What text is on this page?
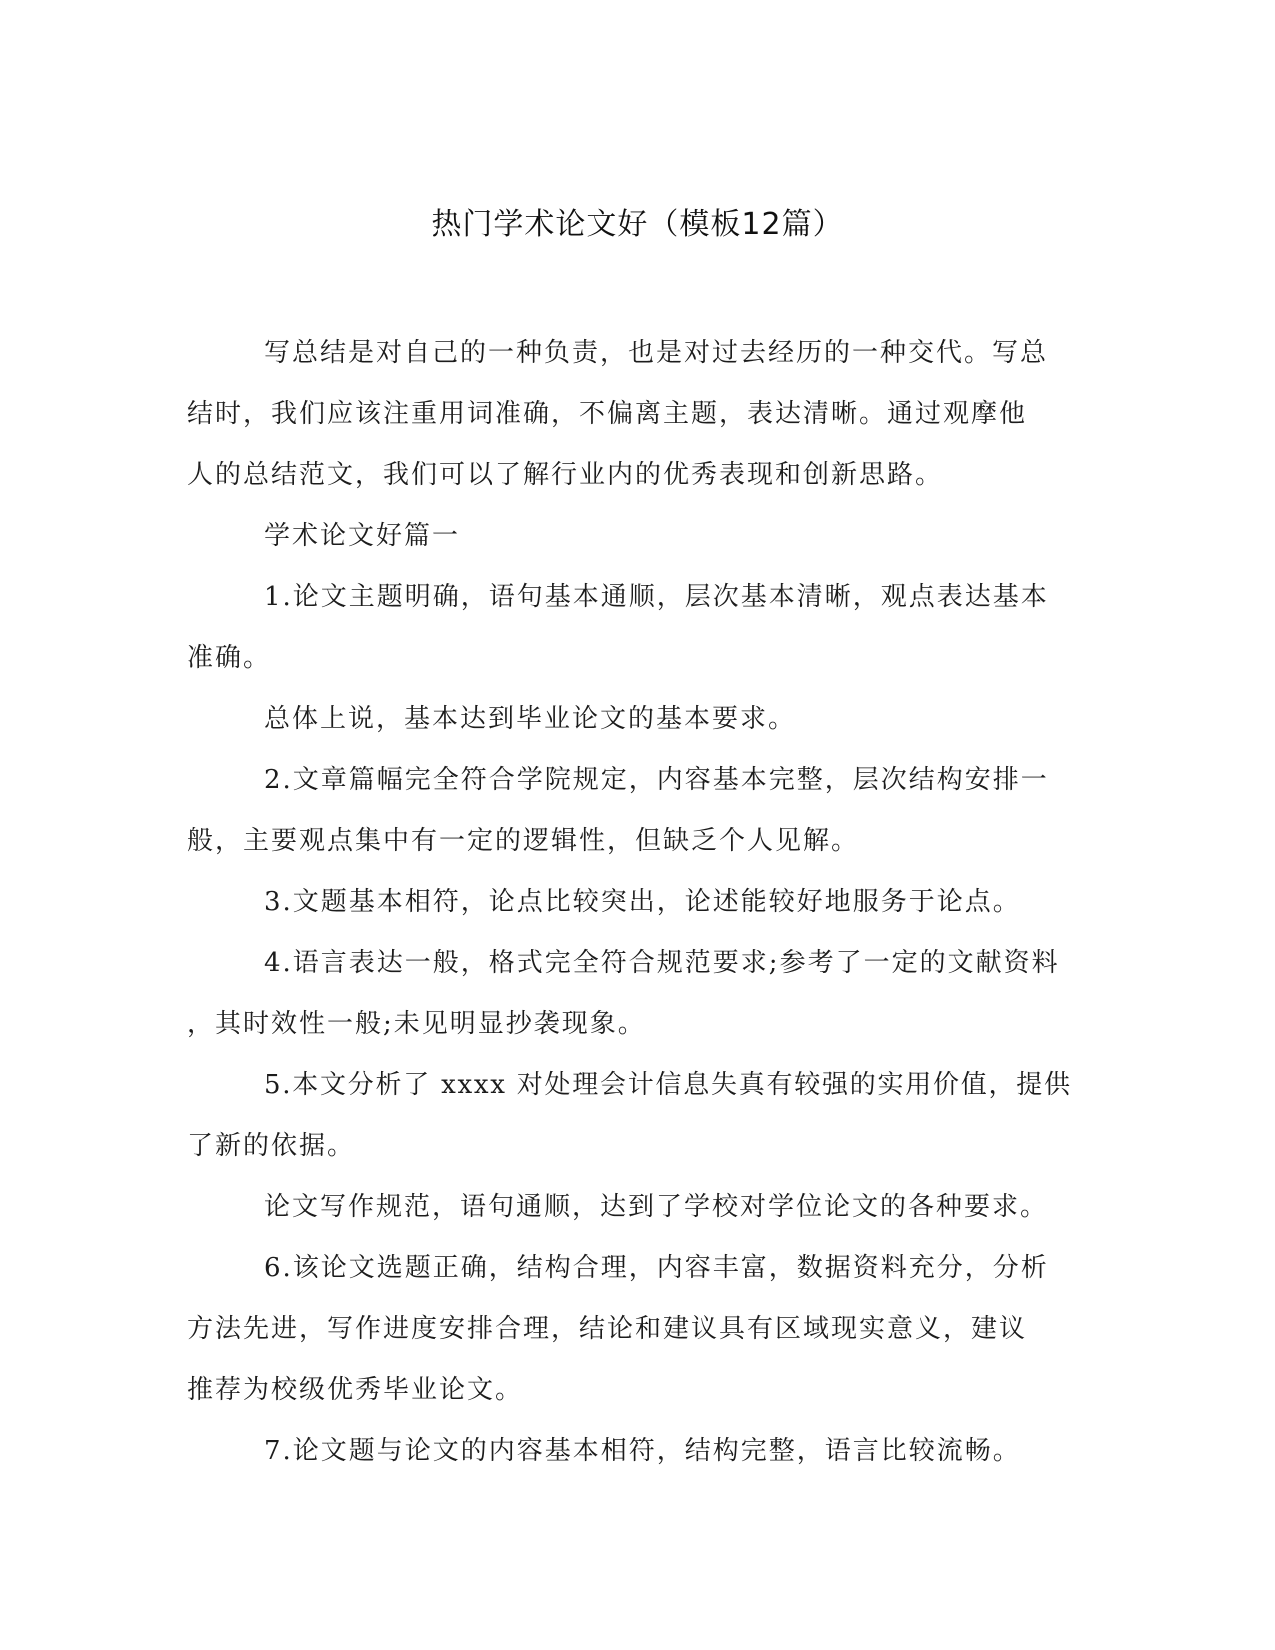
热门学术论文好（模板12篇）
写总结是对自己的一种负责，也是对过去经历的一种交代。写总
结时，我们应该注重用词准确，不偏离主题，表达清晰。通过观摩他
人的总结范文，我们可以了解行业内的优秀表现和创新思路。
学术论文好篇一
1.论文主题明确，语句基本通顺，层次基本清晰，观点表达基本
准确。
总体上说，基本达到毕业论文的基本要求。
2.文章篇幅完全符合学院规定，内容基本完整，层次结构安排一
般，主要观点集中有一定的逻辑性，但缺乏个人见解。
3.文题基本相符，论点比较突出，论述能较好地服务于论点。
4.语言表达一般，格式完全符合规范要求;参考了一定的文献资料
，其时效性一般;未见明显抄袭现象。
5.本文分析了 xxxx 对处理会计信息失真有较强的实用价值，提供
了新的依据。
论文写作规范，语句通顺，达到了学校对学位论文的各种要求。
6.该论文选题正确，结构合理，内容丰富，数据资料充分，分析
方法先进，写作进度安排合理，结论和建议具有区域现实意义，建议
推荐为校级优秀毕业论文。
7.论文题与论文的内容基本相符，结构完整，语言比较流畅。
